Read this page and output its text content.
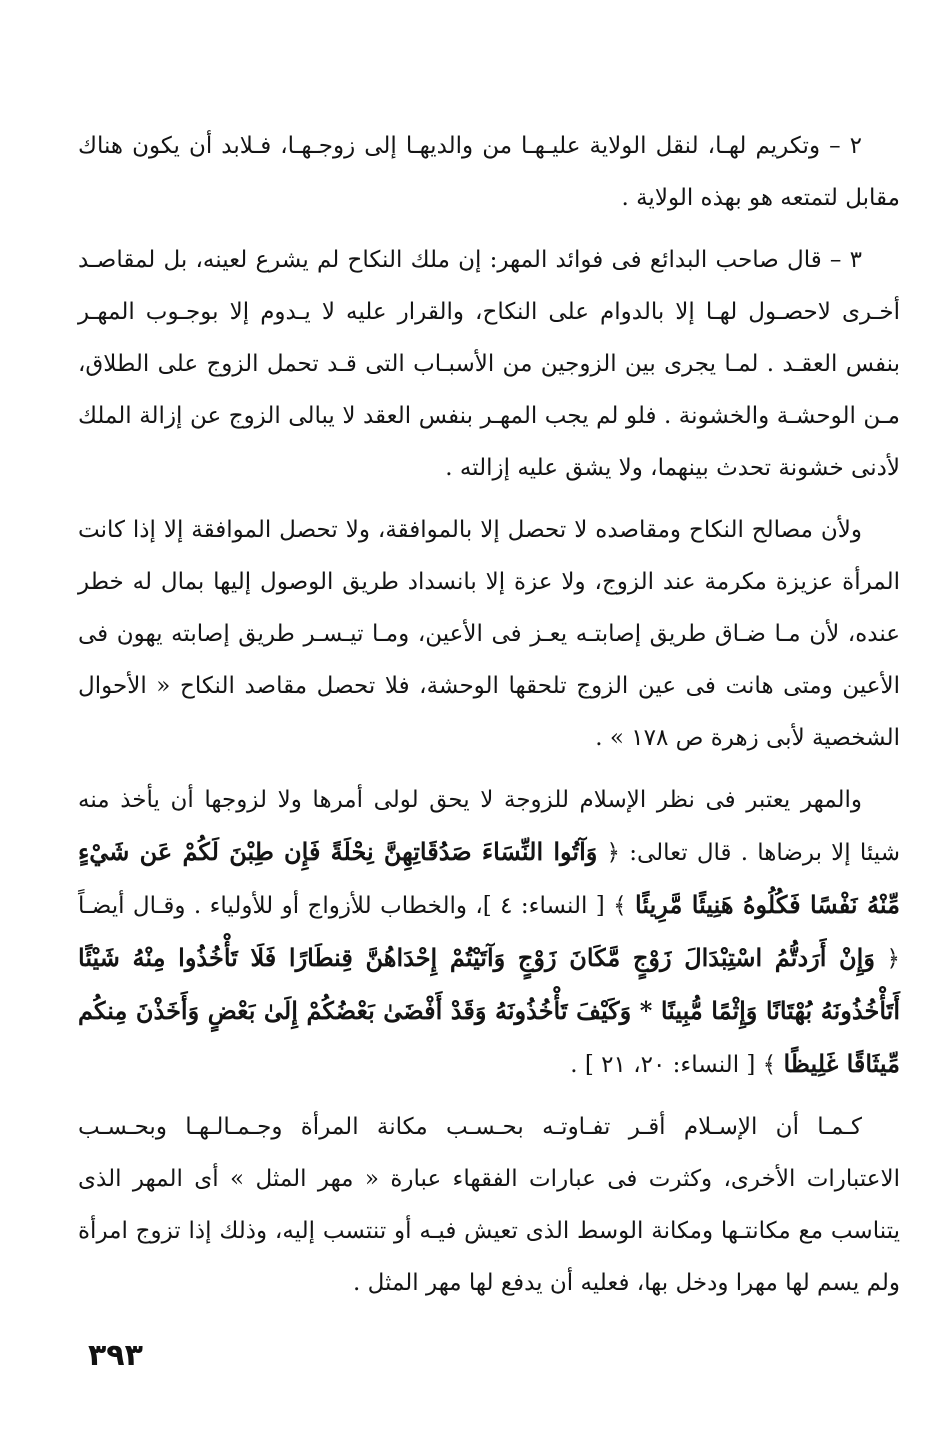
٢ – وتكريم لهـا، لنقل الولاية عليـهـا من والديهـا إلى زوجـهـا، فـلابد أن يكون هناك مقابل لتمتعه هو بهذه الولاية .

٣ – قال صاحب البدائع فى فوائد المهر: إن ملك النكاح لم يشرع لعينه، بل لمقاصـد أخـرى لاحصـول لهـا إلا بالدوام على النكاح، والقرار عليه لا يـدوم إلا بوجـوب المهـر بنفس العقـد . لمـا يجرى بين الزوجين من الأسبـاب التى قـد تحمل الزوج على الطلاق، مـن الوحشـة والخشونة . فلو لم يجب المهـر بنفس العقد لا يبالى الزوج عن إزالة الملك لأدنى خشونة تحدث بينهما، ولا يشق عليه إزالته .

ولأن مصالح النكاح ومقاصده لا تحصل إلا بالموافقة، ولا تحصل الموافقة إلا إذا كانت المرأة عزيزة مكرمة عند الزوج، ولا عزة إلا بانسداد طريق الوصول إليها بمال له خطر عنده، لأن مـا ضـاق طريق إصابتـه يعـز فى الأعين، ومـا تيـسـر طريق إصابته يهون فى الأعين ومتى هانت فى عين الزوج تلحقها الوحشة، فلا تحصل مقاصد النكاح « الأحوال الشخصية لأبى زهرة ص ١٧٨ » .

والمهر يعتبر فى نظر الإسلام للزوجة لا يحق لولى أمرها ولا لزوجها أن يأخذ منه شيئا إلا برضاها . قال تعالى: ﴿ وَآتُوا النِّسَاءَ صَدُقَاتِهِنَّ نِحْلَةً فَإِن طِبْنَ لَكُمْ عَن شَيْءٍ مِّنْهُ نَفْسًا فَكُلُوهُ هَنِيئًا مَّرِيئًا ﴾ [ النساء: ٤ ]، والخطاب للأزواج أو للأولياء . وقـال أيضـاً ﴿ وَإِنْ أَرَدتُّمُ اسْتِبْدَالَ زَوْجٍ مَّكَانَ زَوْجٍ وَآتَيْتُمْ إِحْدَاهُنَّ قِنطَارًا فَلَا تَأْخُذُوا مِنْهُ شَيْئًا أَتَأْخُذُونَهُ بُهْتَانًا وَإِثْمًا مُّبِينًا * وَكَيْفَ تَأْخُذُونَهُ وَقَدْ أَفْضَىٰ بَعْضُكُمْ إِلَىٰ بَعْضٍ وَأَخَذْنَ مِنكُم مِّيثَاقًا غَلِيظًا ﴾ [ النساء: ٢٠، ٢١ ] .

كـمـا أن الإسـلام أقـر تفـاوتـه بحـسـب مكانة المرأة وجـمـالـهـا وبحـسـب الاعتبارات الأخرى، وكثرت فى عبارات الفقهاء عبارة « مهر المثل » أى المهر الذى يتناسب مع مكانتـها ومكانة الوسط الذى تعيش فيـه أو تنتسب إليه، وذلك إذا تزوج امرأة ولم يسم لها مهرا ودخل بها، فعليه أن يدفع لها مهر المثل .

٣٩٣
